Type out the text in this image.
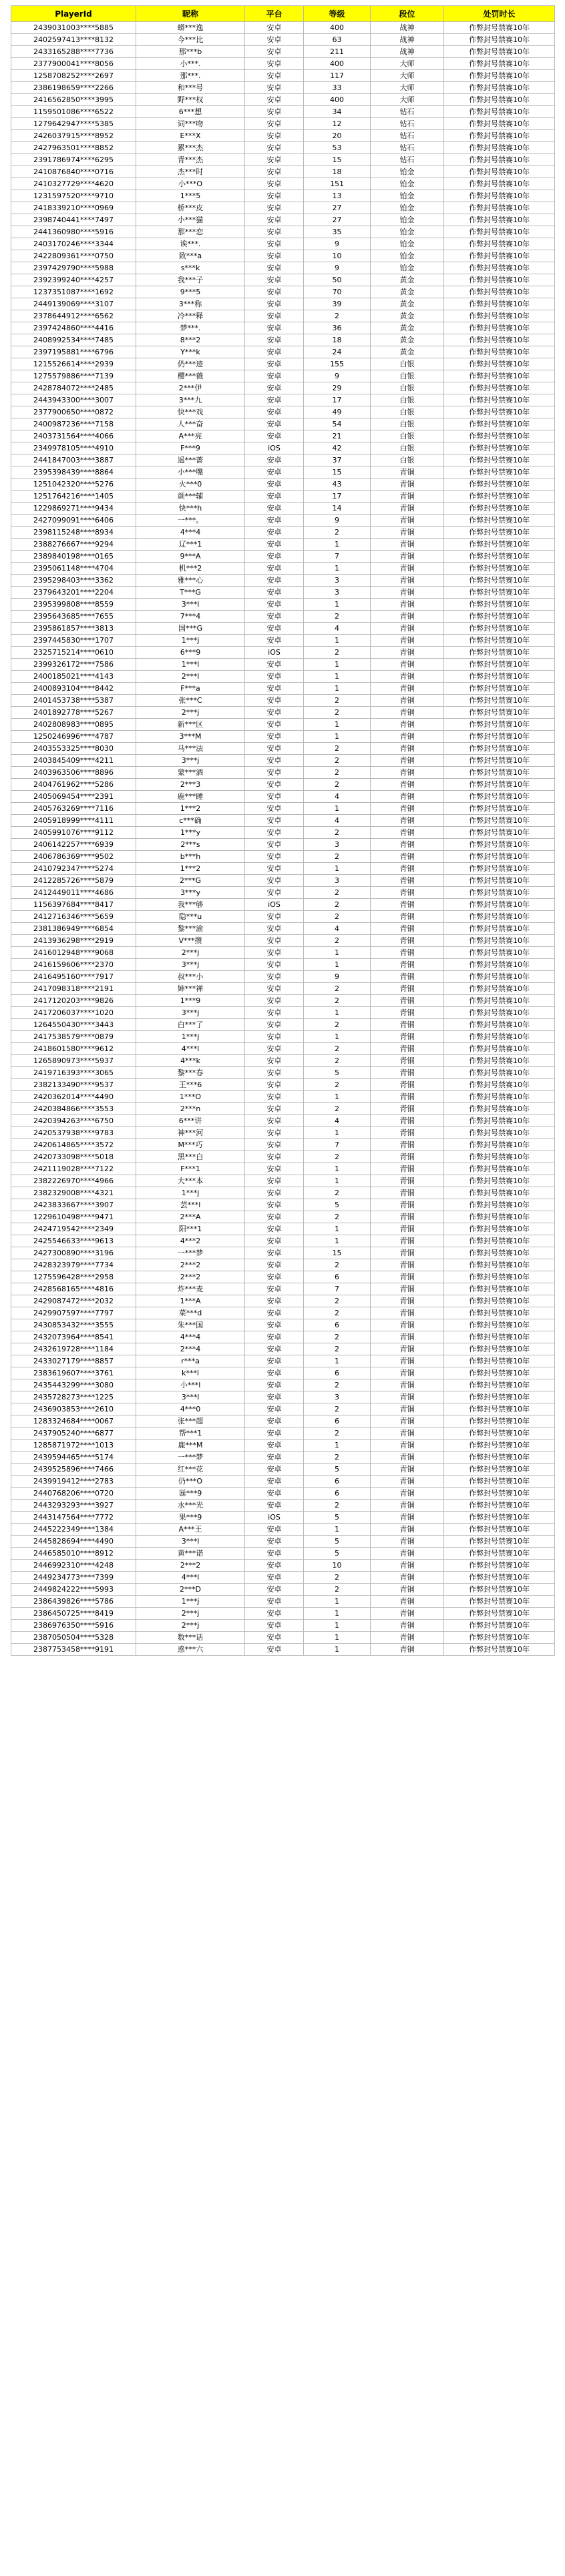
PlayerId	昵称	平台	等级	段位	处罚时长
2439031003****5885	蟒***逸	安卓	400	战神	作弊封号禁赛10年
2402597413****8132	今***比	安卓	63	战神	作弊封号禁赛10年
2433165288****7736	那***b	安卓	211	战神	作弊封号禁赛10年
2377900041****8056	小***.	安卓	400	大师	作弊封号禁赛10年
1258708252****2697	那***.	安卓	117	大师	作弊封号禁赛10年
2386198659****2266	和***号	安卓	33	大师	作弊封号禁赛10年
2416562850****3995	野***权	安卓	400	大师	作弊封号禁赛10年
1159501086****6522	6***想	安卓	34	钻石	作弊封号禁赛10年
1279642947****5385	词***吻	安卓	12	钻石	作弊封号禁赛10年
2426037915****8952	E***X	安卓	20	钻石	作弊封号禁赛10年
2427963501****8852	累***杰	安卓	53	钻石	作弊封号禁赛10年
2391786974****6295	青***杰	安卓	15	钻石	作弊封号禁赛10年
2410876840****0716	杰***时	安卓	18	铂金	作弊封号禁赛10年
2410327729****4620	小***O	安卓	151	铂金	作弊封号禁赛10年
1231597520****9710	1***5	安卓	13	铂金	作弊封号禁赛10年
2418339210****0969	桥***皮	安卓	27	铂金	作弊封号禁赛10年
2398740441****7497	小***猫	安卓	27	铂金	作弊封号禁赛10年
2441360980****5916	那***恋	安卓	35	铂金	作弊封号禁赛10年
2403170246****3344	诶***.	安卓	9	铂金	作弊封号禁赛10年
2422809361****0750	致***a	安卓	10	铂金	作弊封号禁赛10年
2397429790****5988	s***k	安卓	9	铂金	作弊封号禁赛10年
2392399240****4257	我***子	安卓	50	黄金	作弊封号禁赛10年
1237351087****1692	9***5	安卓	70	黄金	作弊封号禁赛10年
2449139069****3107	3***称	安卓	39	黄金	作弊封号禁赛10年
2378644912****6562	冷***释	安卓	2	黄金	作弊封号禁赛10年
2397424860****4416	梦***.	安卓	36	黄金	作弊封号禁赛10年
2408992534****7485	8***2	安卓	18	黄金	作弊封号禁赛10年
2397195881****6796	Y***k	安卓	24	黄金	作弊封号禁赛10年
1215526614****2939	仍***迹	安卓	155	白银	作弊封号禁赛10年
1275579886****7139	樱***薇	安卓	9	白银	作弊封号禁赛10年
2428784072****2485	2***伊	安卓	29	白银	作弊封号禁赛10年
2443943300****3007	3***九	安卓	17	白银	作弊封号禁赛10年
2377900650****0872	快***戏	安卓	49	白银	作弊封号禁赛10年
2400987236****7158	人***奋	安卓	54	白银	作弊封号禁赛10年
2403731564****4066	A***亮	安卓	21	白银	作弊封号禁赛10年
2349978105****4910	F***9	iOS	42	白银	作弊封号禁赛10年
2441847003****3887	遥***蔷	安卓	37	白银	作弊封号禁赛10年
2395398439****8864	小***嘴	安卓	15	青铜	作弊封号禁赛10年
1251042320****5276	火***0	安卓	43	青铜	作弊封号禁赛10年
1251764216****1405	颜***辅	安卓	17	青铜	作弊封号禁赛10年
1229869271****9434	快***h	安卓	14	青铜	作弊封号禁赛10年
2427099091****6406	一***。	安卓	9	青铜	作弊封号禁赛10年
2398115248****8934	4***4	安卓	2	青铜	作弊封号禁赛10年
2388276667****9294	辽***1	安卓	1	青铜	作弊封号禁赛10年
2389840198****0165	9***A	安卓	7	青铜	作弊封号禁赛10年
2395061148****4704	机***2	安卓	1	青铜	作弊封号禁赛10年
2395298403****3362	雅***心	安卓	3	青铜	作弊封号禁赛10年
2379643201****2204	T***G	安卓	3	青铜	作弊封号禁赛10年
2395399808****8559	3***l	安卓	1	青铜	作弊封号禁赛10年
2395643685****7655	7***4	安卓	2	青铜	作弊封号禁赛10年
2395861857****3813	国***G	安卓	4	青铜	作弊封号禁赛10年
2397445830****1707	1***j	安卓	1	青铜	作弊封号禁赛10年
2325715214****0610	6***9	iOS	2	青铜	作弊封号禁赛10年
2399326172****7586	1***l	安卓	1	青铜	作弊封号禁赛10年
2400185021****4143	2***l	安卓	1	青铜	作弊封号禁赛10年
2400893104****8442	F***a	安卓	1	青铜	作弊封号禁赛10年
2401453738****5387	张***C	安卓	2	青铜	作弊封号禁赛10年
2401892778****5267	2***j	安卓	2	青铜	作弊封号禁赛10年
2402808983****0895	新***区	安卓	1	青铜	作弊封号禁赛10年
1250246996****4787	3***M	安卓	1	青铜	作弊封号禁赛10年
2403553325****8030	马***法	安卓	2	青铜	作弊封号禁赛10年
2403845409****4211	3***j	安卓	2	青铜	作弊封号禁赛10年
2403963506****8896	蒙***酒	安卓	2	青铜	作弊封号禁赛10年
2404761962****5286	2***3	安卓	2	青铜	作弊封号禁赛10年
2405069454****2391	鹿***睡	安卓	4	青铜	作弊封号禁赛10年
2405763269****7116	1***2	安卓	1	青铜	作弊封号禁赛10年
2405918999****4111	c***确	安卓	4	青铜	作弊封号禁赛10年
2405991076****9112	1***y	安卓	2	青铜	作弊封号禁赛10年
2406142257****6939	2***s	安卓	3	青铜	作弊封号禁赛10年
2406786369****9502	b***h	安卓	2	青铜	作弊封号禁赛10年
2410792347****5274	1***2	安卓	1	青铜	作弊封号禁赛10年
2412285726****5879	2***G	安卓	3	青铜	作弊封号禁赛10年
2412449011****4686	3***y	安卓	2	青铜	作弊封号禁赛10年
1156397684****8417	我***够	iOS	2	青铜	作弊封号禁赛10年
2412716346****5659	隐***u	安卓	2	青铜	作弊封号禁赛10年
2381386949****6854	黎***渝	安卓	4	青铜	作弊封号禁赛10年
2413936298****2919	V***攒	安卓	2	青铜	作弊封号禁赛10年
2416012948****9068	2***j	安卓	1	青铜	作弊封号禁赛10年
2416159606****2370	3***j	安卓	1	青铜	作弊封号禁赛10年
2416495160****7917	叔***小	安卓	9	青铜	作弊封号禁赛10年
2417098318****2191	婶***禅	安卓	2	青铜	作弊封号禁赛10年
2417120203****9826	1***9	安卓	2	青铜	作弊封号禁赛10年
2417206037****1020	3***j	安卓	1	青铜	作弊封号禁赛10年
1264550430****3443	白***了	安卓	2	青铜	作弊封号禁赛10年
2417538579****0879	1***j	安卓	1	青铜	作弊封号禁赛10年
2418601580****9612	4***l	安卓	2	青铜	作弊封号禁赛10年
1265890973****5937	4***k	安卓	2	青铜	作弊封号禁赛10年
2419716393****3065	黎***春	安卓	5	青铜	作弊封号禁赛10年
2382133490****9537	王***6	安卓	2	青铜	作弊封号禁赛10年
2420362014****4490	1***O	安卓	1	青铜	作弊封号禁赛10年
2420384866****3553	2***n	安卓	2	青铜	作弊封号禁赛10年
2420394263****6750	6***讲	安卓	4	青铜	作弊封号禁赛10年
2420537938****9783	神***河	安卓	1	青铜	作弊封号禁赛10年
2420614865****3572	M***巧	安卓	7	青铜	作弊封号禁赛10年
2420733098****5018	黑***白	安卓	2	青铜	作弊封号禁赛10年
2421119028****7122	F***1	安卓	1	青铜	作弊封号禁赛10年
2382226970****4966	大***本	安卓	1	青铜	作弊封号禁赛10年
2382329008****4321	1***j	安卓	2	青铜	作弊封号禁赛10年
2423833667****3907	芸***l	安卓	5	青铜	作弊封号禁赛10年
1229610498****9471	2***A	安卓	2	青铜	作弊封号禁赛10年
2424719542****2349	阳***1	安卓	1	青铜	作弊封号禁赛10年
2425546633****9613	4***2	安卓	1	青铜	作弊封号禁赛10年
2427300890****3196	一***梦	安卓	15	青铜	作弊封号禁赛10年
2428323979****7734	2***2	安卓	2	青铜	作弊封号禁赛10年
1275596428****2958	2***2	安卓	6	青铜	作弊封号禁赛10年
2428568165****4816	炸***麦	安卓	7	青铜	作弊封号禁赛10年
2429087472****2032	1***A	安卓	2	青铜	作弊封号禁赛10年
2429907597****7797	菜***d	安卓	2	青铜	作弊封号禁赛10年
2430853432****3555	朱***国	安卓	6	青铜	作弊封号禁赛10年
2432073964****8541	4***4	安卓	2	青铜	作弊封号禁赛10年
2432619728****1184	2***4	安卓	2	青铜	作弊封号禁赛10年
2433027179****8857	r***a	安卓	1	青铜	作弊封号禁赛10年
2383619607****3761	k***l	安卓	6	青铜	作弊封号禁赛10年
2435443299****3080	小***l	安卓	2	青铜	作弊封号禁赛10年
2435728273****1225	3***l	安卓	3	青铜	作弊封号禁赛10年
2436903853****2610	4***0	安卓	2	青铜	作弊封号禁赛10年
1283324684****0067	张***超	安卓	6	青铜	作弊封号禁赛10年
2437905240****6877	帮***1	安卓	2	青铜	作弊封号禁赛10年
1285871972****1013	鹿***M	安卓	1	青铜	作弊封号禁赛10年
2439594465****5174	一***梦	安卓	2	青铜	作弊封号禁赛10年
2439525896****7466	红***花	安卓	5	青铜	作弊封号禁赛10年
2439919412****2783	仍***O	安卓	6	青铜	作弊封号禁赛10年
2440768206****0720	诞***9	安卓	6	青铜	作弊封号禁赛10年
2443293293****3927	水***光	安卓	2	青铜	作弊封号禁赛10年
2443147564****7772	果***9	iOS	5	青铜	作弊封号禁赛10年
2445222349****1384	A***王	安卓	1	青铜	作弊封号禁赛10年
2445828694****4490	3***l	安卓	5	青铜	作弊封号禁赛10年
2446585010****8912	黄***诺	安卓	5	青铜	作弊封号禁赛10年
2446992310****4248	2***2	安卓	10	青铜	作弊封号禁赛10年
2449234773****7399	4***l	安卓	2	青铜	作弊封号禁赛10年
2449824222****5993	2***D	安卓	2	青铜	作弊封号禁赛10年
2386439826****5786	1***j	安卓	1	青铜	作弊封号禁赛10年
2386450725****8419	2***j	安卓	1	青铜	作弊封号禁赛10年
2386976350****5916	2***j	安卓	1	青铜	作弊封号禁赛10年
2387050504****5328	数***话	安卓	1	青铜	作弊封号禁赛10年
2387753458****9191	惑***六	安卓	1	青铜	作弊封号禁赛10年
